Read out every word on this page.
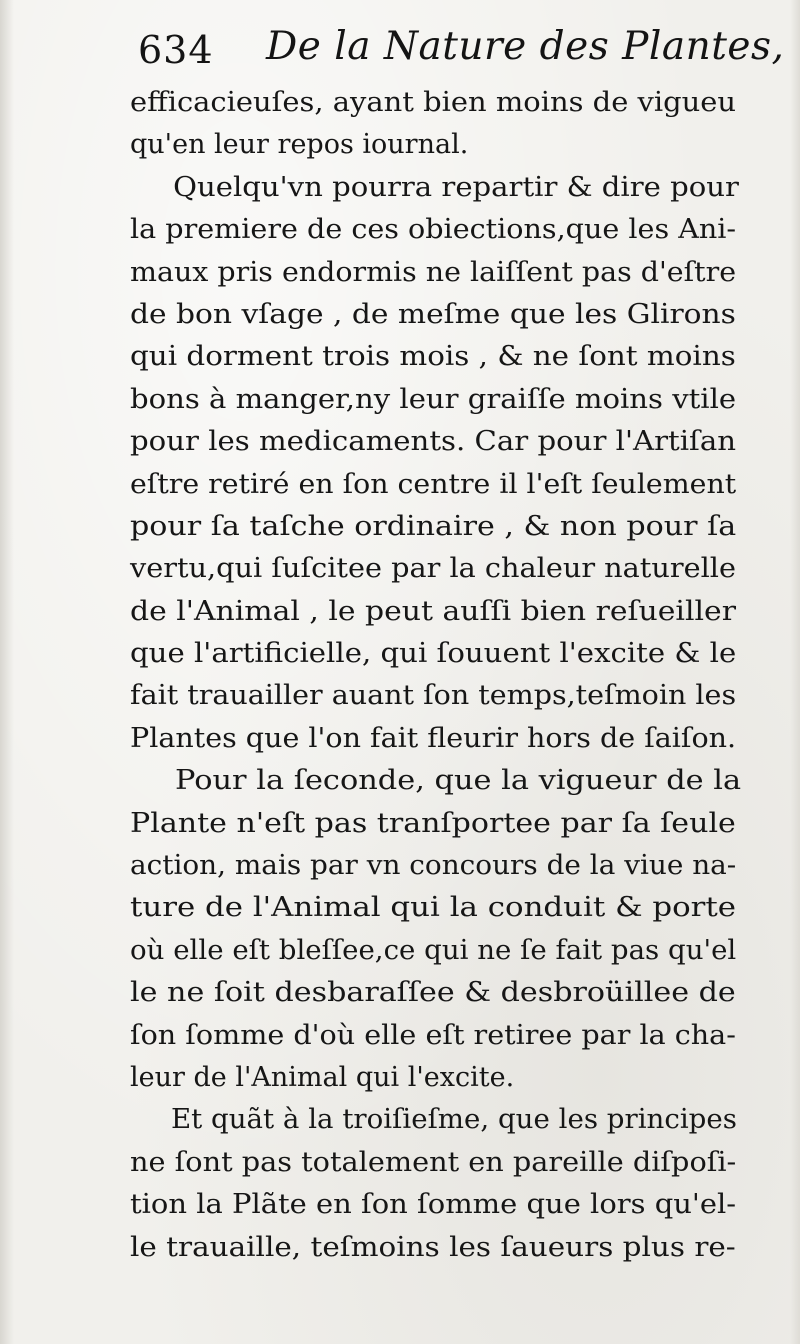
634 De la Nature des Plantes,
efficacieuſes, ayant bien moins de vigueu
qu'en leur repos iournal.
Quelqu'vn pourra repartir & dire pour
la premiere de ces obiections,que les Ani-
maux pris endormis ne laiſſent pas d'eſtre
de bon vſage , de meſme que les Glirons
qui dorment trois mois , & ne ſont moins
bons à manger,ny leur graiſſe moins vtile
pour les medicaments. Car pour l'Artiſan
eſtre retiré en ſon centre il l'eſt ſeulement
pour ſa taſche ordinaire , & non pour ſa
vertu,qui ſuſcitee par la chaleur naturelle
de l'Animal , le peut auſſi bien reſueiller
que l'artificielle, qui ſouuent l'excite & le
fait trauailler auant ſon temps,teſmoin les
Plantes que l'on fait fleurir hors de ſaiſon.
Pour la ſeconde, que la vigueur de la
Plante n'eſt pas tranſportee par ſa ſeule
action, mais par vn concours de la viue na-
ture de l'Animal qui la conduit & porte
où elle eſt bleſſee,ce qui ne ſe fait pas qu'el
le ne ſoit desbaraſſee & desbroüillee de
ſon ſomme d'où elle eſt retiree par la cha-
leur de l'Animal qui l'excite.
Et quãt à la troiſieſme, que les principes
ne ſont pas totalement en pareille diſpoſi-
tion la Plãte en ſon ſomme que lors qu'el-
le trauaille, teſmoins les ſaueurs plus re-
